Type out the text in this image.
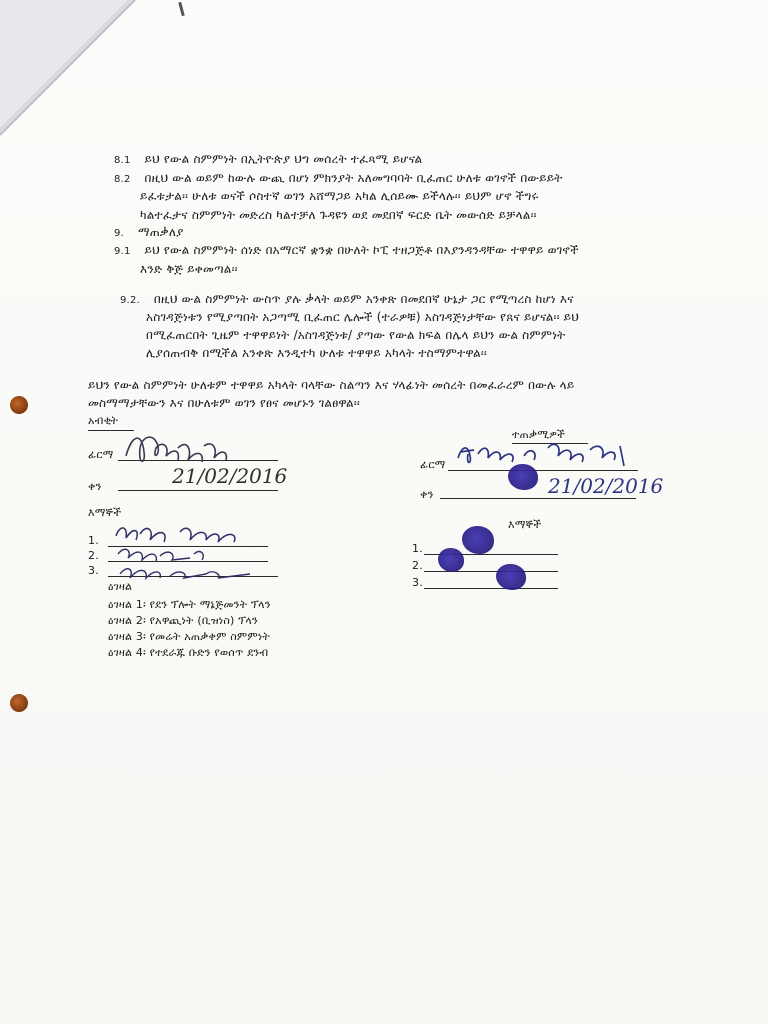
8.1 ይህ የውል ስምምነት በኢትዮጵያ ህግ መሰረት ተፈጻሚ ይሆናል
8.2 በዚህ ውል ወይም ከውሉ ውጪ በሆነ ምክንያት አለመግባባት ቢፈጠር ሁለቱ ወገኖች በውይይት
ይፈቱታል፡፡ ሁለቱ ወናች ሶስተኛ ወገን አሸማጋይ አካል ሊሰይሙ ይችላሉ፡፡ ይህም ሆኖ ችግሩ
ካልተፈታና ስምምነት መድረስ ካልተቻለ ጉዳዩን ወደ መደበኛ ፍርድ ቤት መውሰድ ይቻላል፡፡
9. ማጠቃለያ
9.1 ይህ የውል ስምምነት ሰነድ በአማርኛ ቋንቋ በሁለት ኮፒ ተዘጋጅቶ በእያንዳንዳቸው ተዋዋይ ወገኖች
እንድ ቅጅ ይቀመጣል፡፡
9.2. በዚህ ውል ስምምነት ውስጥ ያሉ ቃላት ወይም አንቀጽ በመደበኛ ሁኔታ ጋር የሚጣረስ ከሆነ እና
አስገዳጅነቱን የሚያጣበት አጋጣሚ ቢፈጠር ሌሎች (ተራዎቹ) አስገዳጅነታቸው የጸና ይሆናል፡፡ ይህ
በሚፈጠርበት ጊዜም ተዋዋይነት /አስገዳጅነቱ/ ያጣው የውል ክፍል በሌላ ይህን ውል ስምምነት
ሊያሰጠብቅ በሚችል አንቀጽ እንዲተካ ሁለቱ ተዋዋይ አካላት ተስማምተዋል፡፡
ይህን የውል ስምምነት ሁለቱም ተዋዋይ አካላት ባላቸው ስልጣን እና ሃላፊነት መሰረት በመፈራረም በውሉ ላይ
መስማማታቸውን እና በሁለቱም ወገን የፀና መሆኑን ገልፀዋል፡፡
አብቂት
ፊርማ
ቀን	21/02/2016
እማኞች
1.
2.
3.
ዕገዛል
ዕገዛል 1፡ የደን ፕሎት ማኔጅመንት ፕላን
ዕገዛል 2፡ የአዋጪነት (ቢዝነስ) ፕላን
ዕገዛል 3፡ የመሬት አጠቃቀም ስምምነት
ዕገዛል 4፡ የተደራጁ ቡድን የወሰጥ ደንብ
ተጠቃሚዎች
ፊርማ
ቀን	21/02/2016
እማኞች
1.
2.
3.
